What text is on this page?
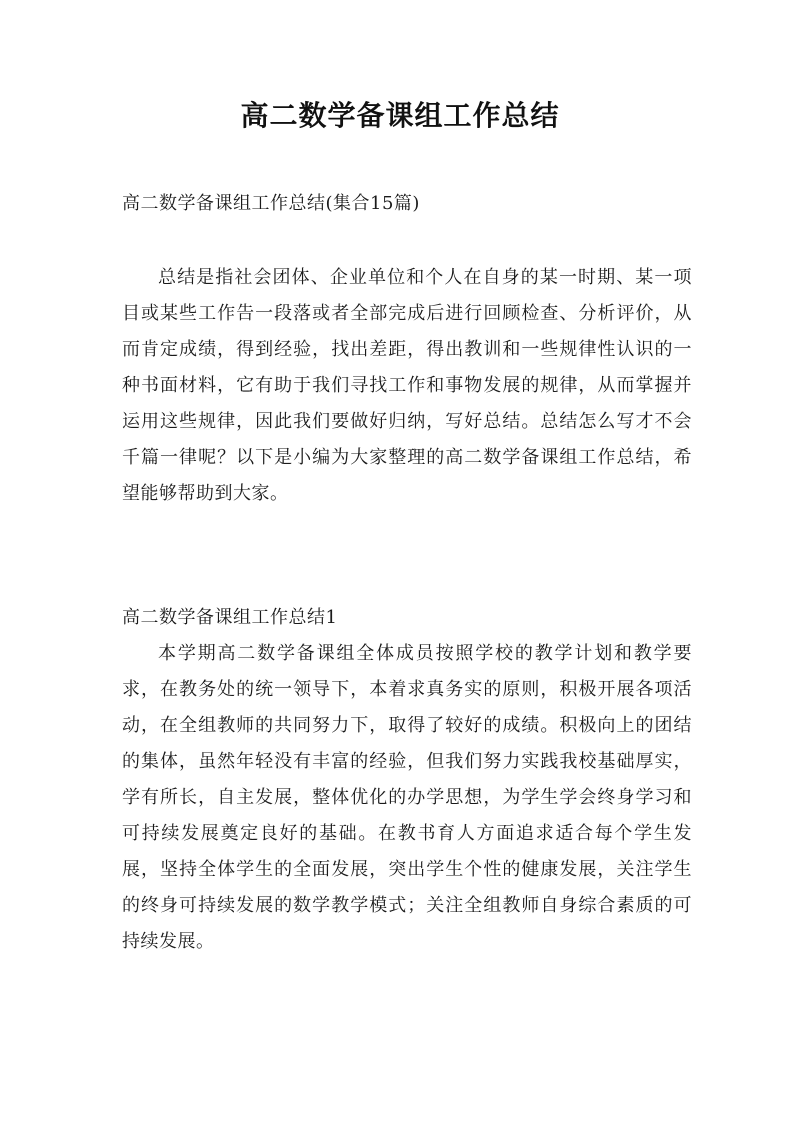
高二数学备课组工作总结

高二数学备课组工作总结(集合15篇)

总结是指社会团体、企业单位和个人在自身的某一时期、某一项目或某些工作告一段落或者全部完成后进行回顾检查、分析评价，从而肯定成绩，得到经验，找出差距，得出教训和一些规律性认识的一种书面材料，它有助于我们寻找工作和事物发展的规律，从而掌握并运用这些规律，因此我们要做好归纳，写好总结。总结怎么写才不会千篇一律呢？以下是小编为大家整理的高二数学备课组工作总结，希望能够帮助到大家。

高二数学备课组工作总结1

本学期高二数学备课组全体成员按照学校的教学计划和教学要求，在教务处的统一领导下，本着求真务实的原则，积极开展各项活动，在全组教师的共同努力下，取得了较好的成绩。积极向上的团结的集体，虽然年轻没有丰富的经验，但我们努力实践我校基础厚实，学有所长，自主发展，整体优化的办学思想，为学生学会终身学习和可持续发展奠定良好的基础。在教书育人方面追求适合每个学生发展，坚持全体学生的全面发展，突出学生个性的健康发展，关注学生的终身可持续发展的数学教学模式；关注全组教师自身综合素质的可持续发展。
